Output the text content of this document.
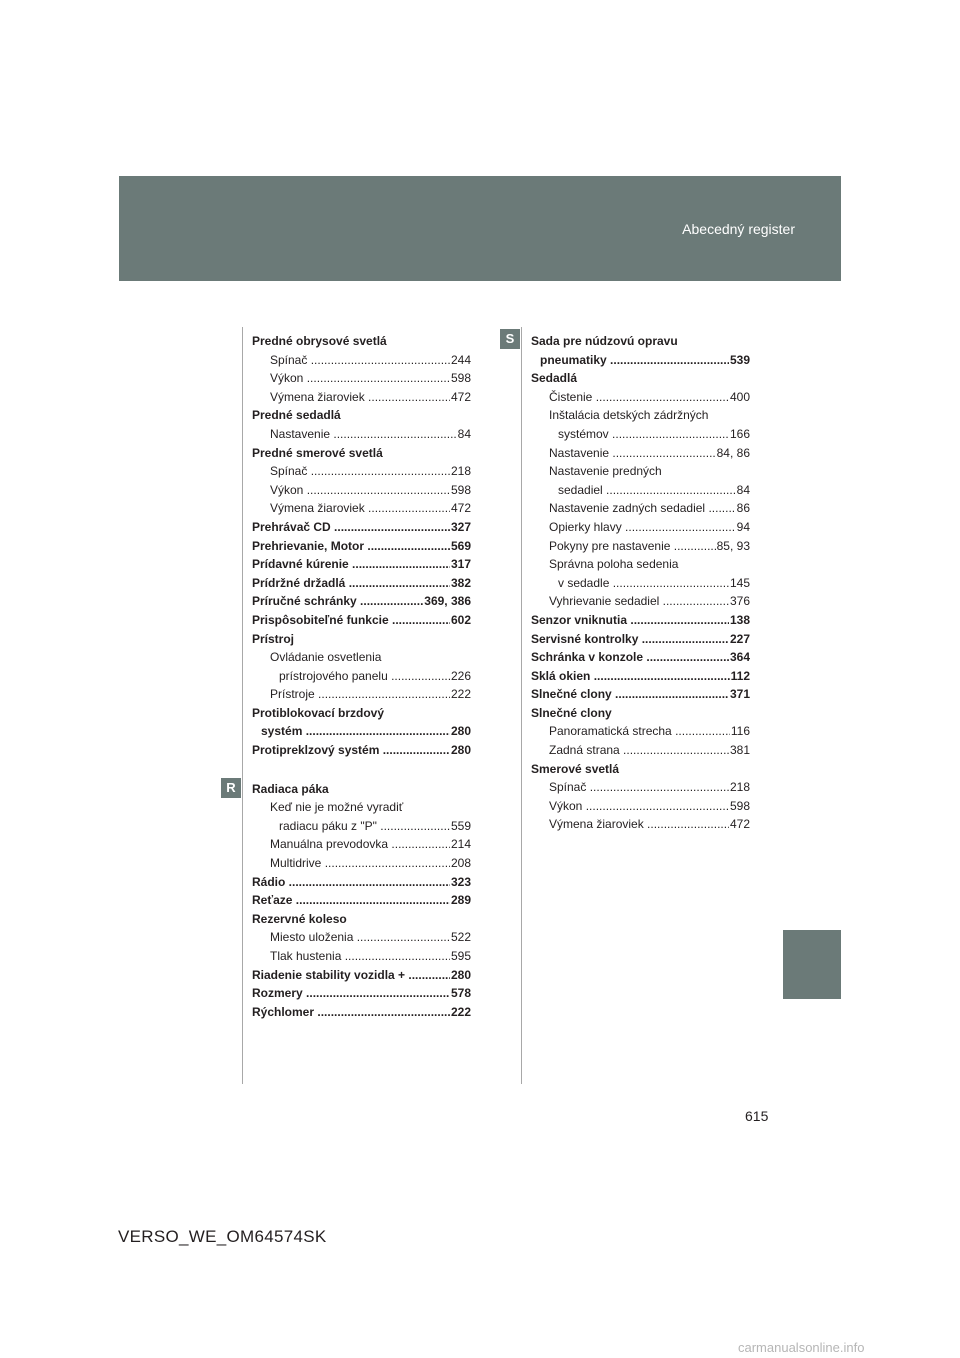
Abecedný register
S
R
Predné obrysové svetlá
Spínač	244
.....
Výkon	598
.....
Výmena žiaroviek	472
.....
Predné sedadlá
Nastavenie	84
.....
Predné smerové svetlá
Spínač	218
.....
Výkon	598
.....
Výmena žiaroviek	472
.....
Prehrávač CD	327
.....
Prehrievanie, Motor	569
.....
Prídavné kúrenie	317
.....
Prídržné držadlá	382
.....
Príručné schránky	369, 386
.....
Prispôsobiteľné funkcie	602
.....
Prístroj
Ovládanie osvetlenia
prístrojového panelu	226
.....
Prístroje	222
.....
Protiblokovací brzdový
systém	280
.....
Protipreklzový systém	280
.....
Radiaca páka
Keď nie je možné vyradiť
radiacu páku z "P"	559
.....
Manuálna prevodovka	214
.....
Multidrive	208
.....
Rádio	323
.....
Reťaze	289
.....
Rezervné koleso
Miesto uloženia	522
.....
Tlak hustenia	595
.....
Riadenie stability vozidla +	280
.....
Rozmery	578
.....
Rýchlomer	222
.....
Sada pre núdzovú opravu
pneumatiky	539
.....
Sedadlá
Čistenie	400
.....
Inštalácia detských zádržných
systémov	166
.....
Nastavenie	84, 86
.....
Nastavenie predných
sedadiel	84
.....
Nastavenie zadných sedadiel	86
.....
Opierky hlavy	94
.....
Pokyny pre nastavenie	85, 93
.....
Správna poloha sedenia
v sedadle	145
.....
Vyhrievanie sedadiel	376
.....
Senzor vniknutia	138
.....
Servisné kontrolky	227
.....
Schránka v konzole	364
.....
Sklá okien	112
.....
Slnečné clony	371
.....
Slnečné clony
Panoramatická strecha	116
.....
Zadná strana	381
.....
Smerové svetlá
Spínač	218
.....
Výkon	598
.....
Výmena žiaroviek	472
.....
615
VERSO_WE_OM64574SK
carmanualsonline.info
